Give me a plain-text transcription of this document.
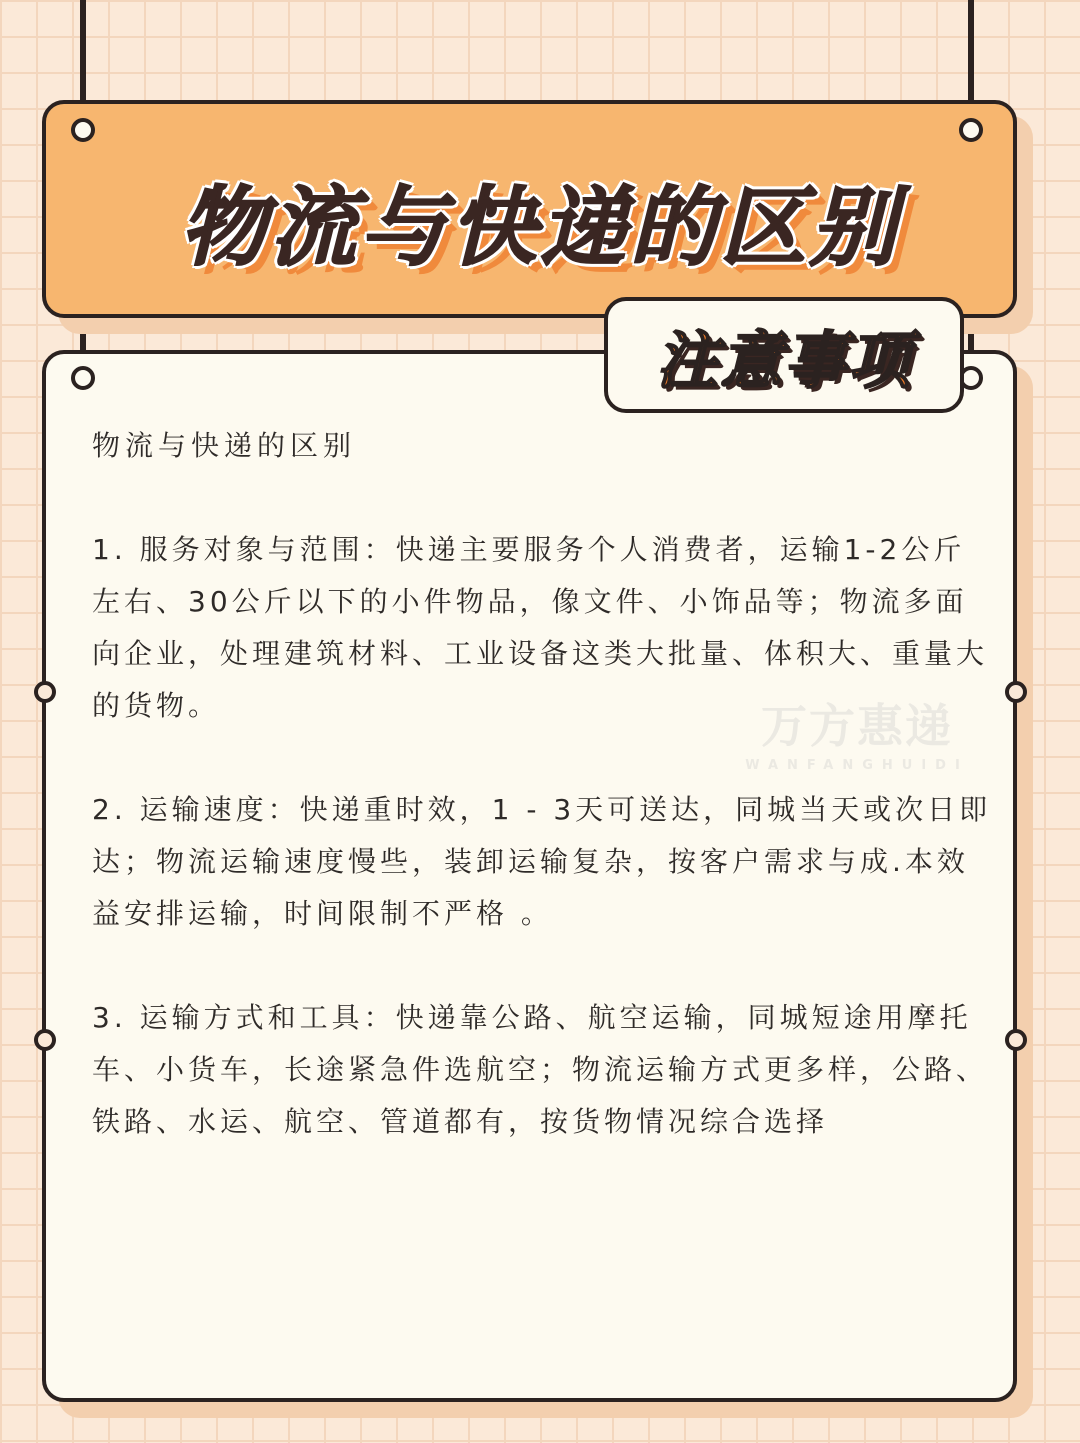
物流与快递的区别
注意事项
万方惠递
WANFANGHUIDI

物流与快递的区别

1. 服务对象与范围：快递主要服务个人消费者，运输1-2公斤左右、30公斤以下的小件物品，像文件、小饰品等；物流多面向企业，处理建筑材料、工业设备这类大批量、体积大、重量大的货物。

2. 运输速度：快递重时效，1 - 3天可送达，同城当天或次日即达；物流运输速度慢些，装卸运输复杂，按客户需求与成.本效益安排运输，时间限制不严格 。

3. 运输方式和工具：快递靠公路、航空运输，同城短途用摩托车、小货车，长途紧急件选航空；物流运输方式更多样，公路、铁路、水运、航空、管道都有，按货物情况综合选择
